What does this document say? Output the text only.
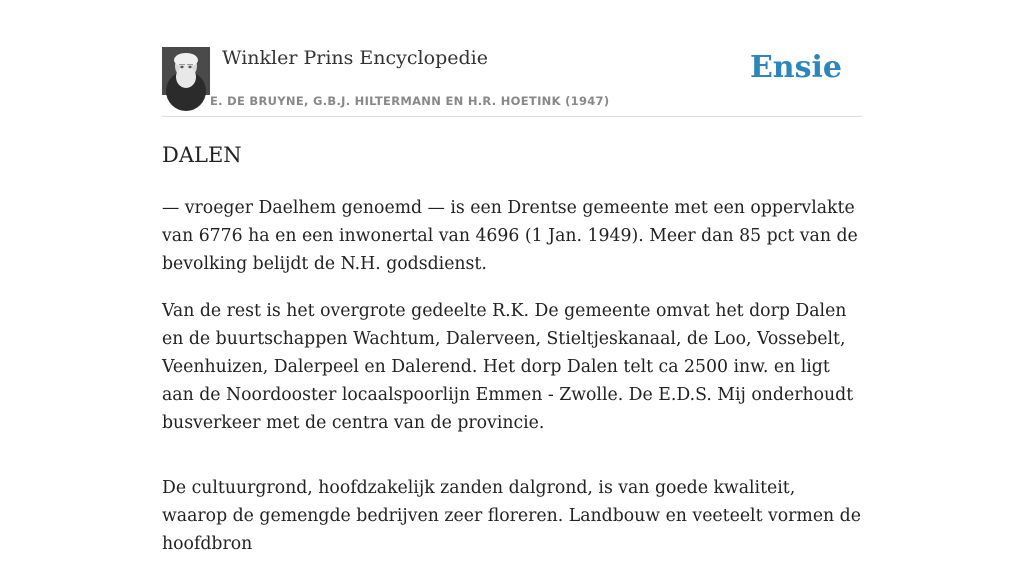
Winkler Prins Encyclopedie
E. DE BRUYNE, G.B.J. HILTERMANN EN H.R. HOETINK (1947)
Ensie
DALEN

— vroeger Daelhem genoemd — is een Drentse gemeente met een oppervlakte van 6776 ha en een inwonertal van 4696 (1 Jan. 1949). Meer dan 85 pct van de bevolking belijdt de N.H. godsdienst.

Van de rest is het overgrote gedeelte R.K. De gemeente omvat het dorp Dalen en de buurtschappen Wachtum, Dalerveen, Stieltjeskanaal, de Loo, Vossebelt, Veenhuizen, Dalerpeel en Dalerend. Het dorp Dalen telt ca 2500 inw. en ligt aan de Noordooster locaalspoorlijn Emmen - Zwolle. De E.D.S. Mij onderhoudt busverkeer met de centra van de provincie.

De cultuurgrond, hoofdzakelijk zanden dalgrond, is van goede kwaliteit, waarop de gemengde bedrijven zeer floreren. Landbouw en veeteelt vormen de hoofdbron
